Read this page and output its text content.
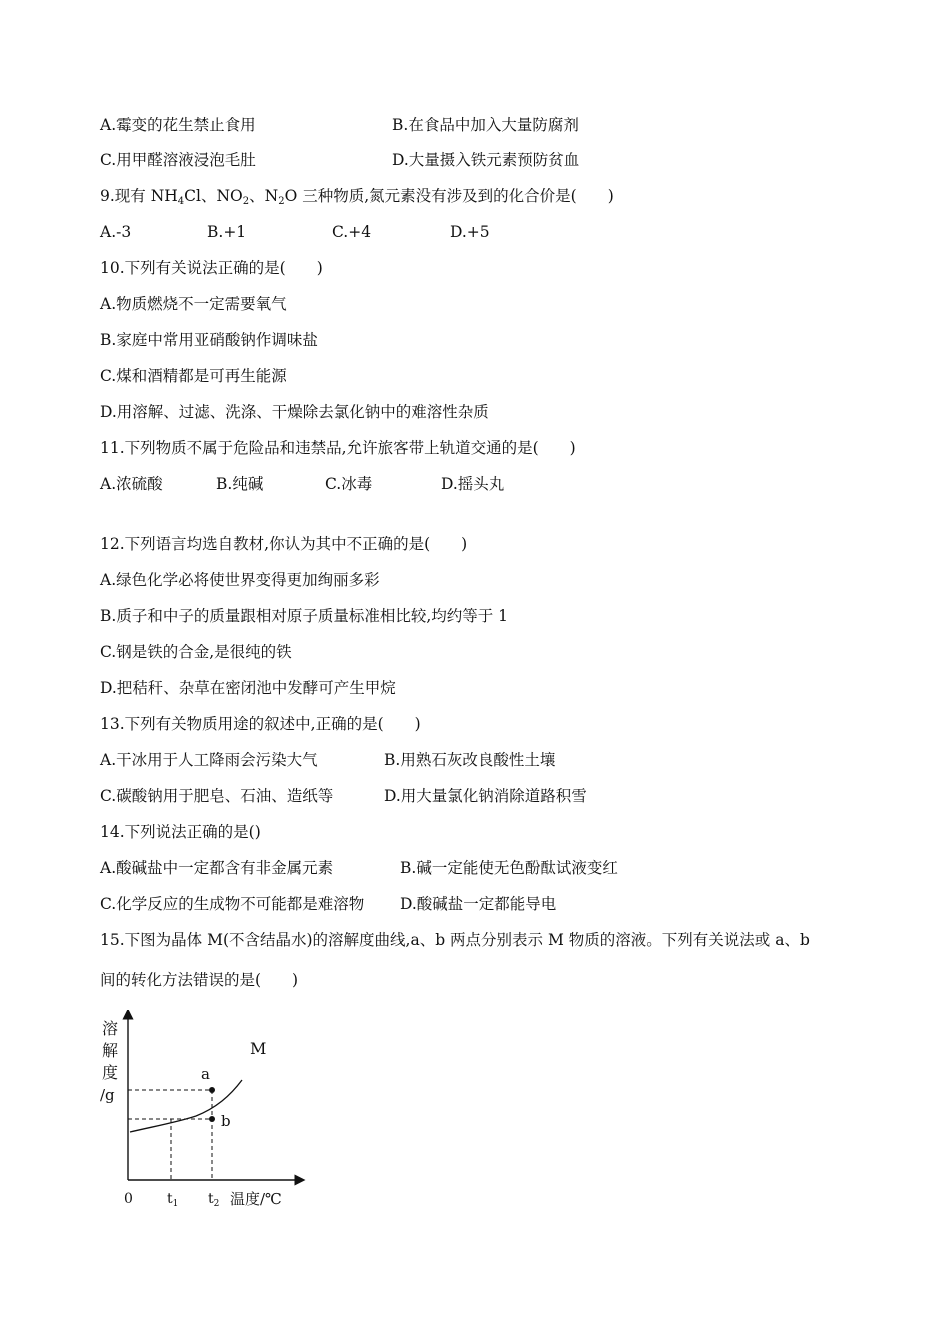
A.霉变的花生禁止食用	B.在食品中加入大量防腐剂
C.用甲醛溶液浸泡毛肚	D.大量摄入铁元素预防贫血
9.现有 $NH_4Cl$、$NO_2$、$N_2O$ 三种物质,氮元素没有涉及到的化合价是(　　)
A.-3	B.+1	C.+4	D.+5
10.下列有关说法正确的是(　　)
A.物质燃烧不一定需要氧气
B.家庭中常用亚硝酸钠作调味盐
C.煤和酒精都是可再生能源
D.用溶解、过滤、洗涤、干燥除去氯化钠中的难溶性杂质
11.下列物质不属于危险品和违禁品,允许旅客带上轨道交通的是(　　)
A.浓硫酸	B.纯碱	C.冰毒	D.摇头丸
12.下列语言均选自教材,你认为其中不正确的是(　　)
A.绿色化学必将使世界变得更加绚丽多彩
B.质子和中子的质量跟相对原子质量标准相比较,均约等于 1
C.钢是铁的合金,是很纯的铁
D.把秸秆、杂草在密闭池中发酵可产生甲烷
13.下列有关物质用途的叙述中,正确的是(　　)
A.干冰用于人工降雨会污染大气	B.用熟石灰改良酸性土壤
C.碳酸钠用于肥皂、石油、造纸等	D.用大量氯化钠消除道路积雪
14.下列说法正确的是()
A.酸碱盐中一定都含有非金属元素	B.碱一定能使无色酚酞试液变红
C.化学反应的生成物不可能都是难溶物 D.酸碱盐一定都能导电
15.下图为晶体 M(不含结晶水)的溶解度曲线,a、b 两点分别表示 M 物质的溶液。下列有关说法或 a、b
间的转化方法错误的是(　　)
溶
解
度
/g
M
a
b
0 $t_1$ $t_2$ 温度/℃
